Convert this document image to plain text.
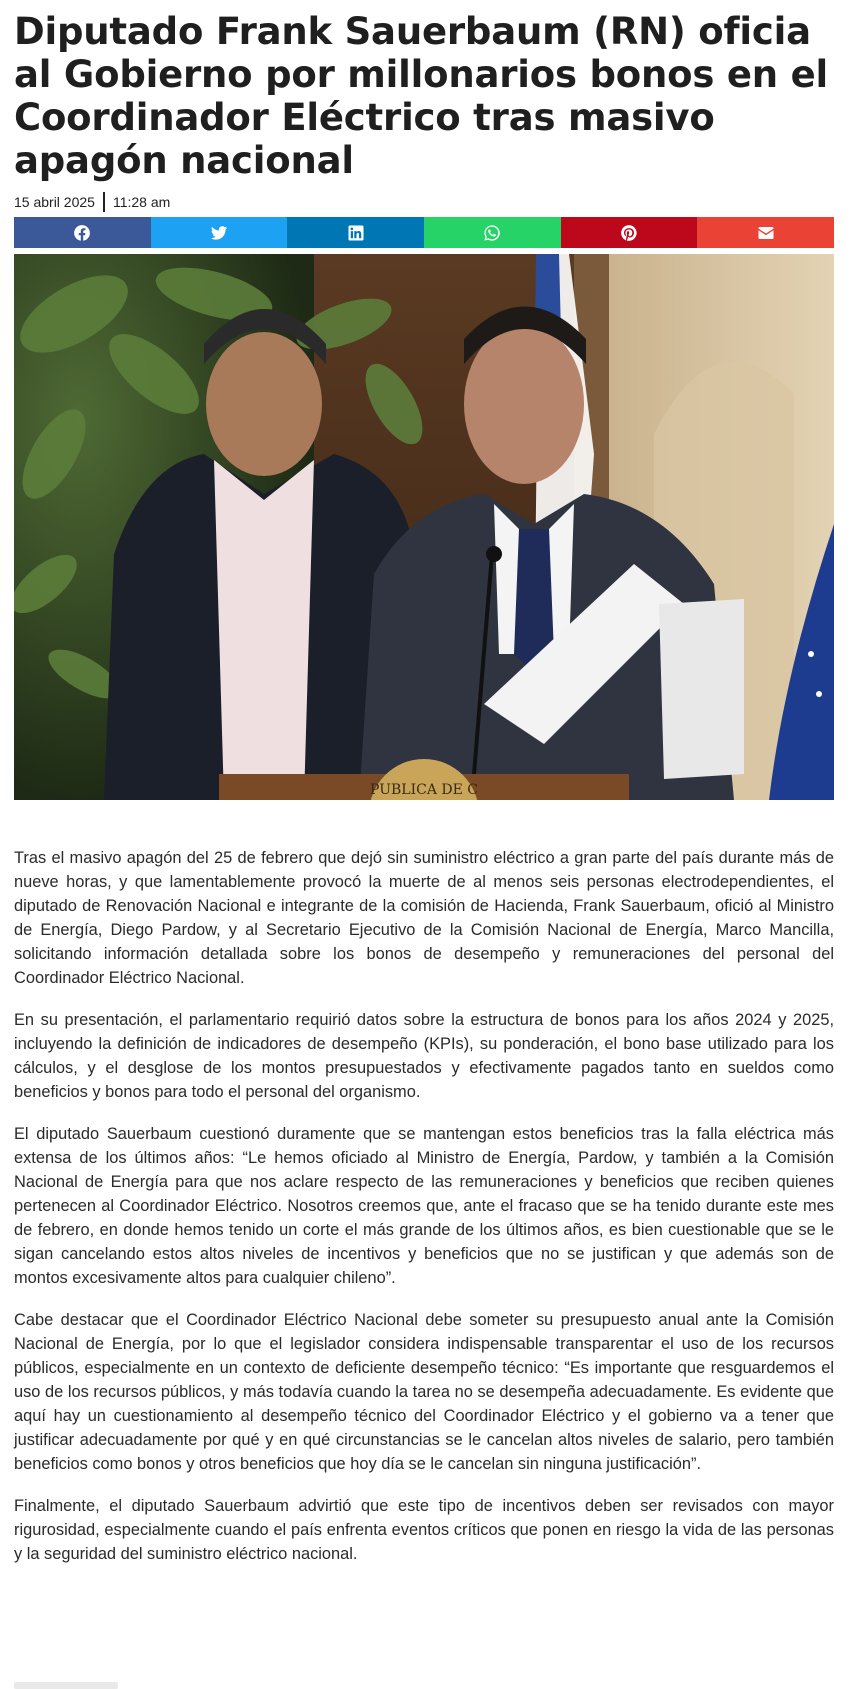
Diputado Frank Sauerbaum (RN) oficia al Gobierno por millonarios bonos en el Coordinador Eléctrico tras masivo apagón nacional
15 abril 2025 11:28 am
PUBLICA DE C

Tras el masivo apagón del 25 de febrero que dejó sin suministro eléctrico a gran parte del país durante más de nueve horas, y que lamentablemente provocó la muerte de al menos seis personas electrodependientes, el diputado de Renovación Nacional e integrante de la comisión de Hacienda, Frank Sauerbaum, ofició al Ministro de Energía, Diego Pardow, y al Secretario Ejecutivo de la Comisión Nacional de Energía, Marco Mancilla, solicitando información detallada sobre los bonos de desempeño y remuneraciones del personal del Coordinador Eléctrico Nacional.

En su presentación, el parlamentario requirió datos sobre la estructura de bonos para los años 2024 y 2025, incluyendo la definición de indicadores de desempeño (KPIs), su ponderación, el bono base utilizado para los cálculos, y el desglose de los montos presupuestados y efectivamente pagados tanto en sueldos como beneficios y bonos para todo el personal del organismo.

El diputado Sauerbaum cuestionó duramente que se mantengan estos beneficios tras la falla eléctrica más extensa de los últimos años: “Le hemos oficiado al Ministro de Energía, Pardow, y también a la Comisión Nacional de Energía para que nos aclare respecto de las remuneraciones y beneficios que reciben quienes pertenecen al Coordinador Eléctrico. Nosotros creemos que, ante el fracaso que se ha tenido durante este mes de febrero, en donde hemos tenido un corte el más grande de los últimos años, es bien cuestionable que se le sigan cancelando estos altos niveles de incentivos y beneficios que no se justifican y que además son de montos excesivamente altos para cualquier chileno”.

Cabe destacar que el Coordinador Eléctrico Nacional debe someter su presupuesto anual ante la Comisión Nacional de Energía, por lo que el legislador considera indispensable transparentar el uso de los recursos públicos, especialmente en un contexto de deficiente desempeño técnico: “Es importante que resguardemos el uso de los recursos públicos, y más todavía cuando la tarea no se desempeña adecuadamente. Es evidente que aquí hay un cuestionamiento al desempeño técnico del Coordinador Eléctrico y el gobierno va a tener que justificar adecuadamente por qué y en qué circunstancias se le cancelan altos niveles de salario, pero también beneficios como bonos y otros beneficios que hoy día se le cancelan sin ninguna justificación”.

Finalmente, el diputado Sauerbaum advirtió que este tipo de incentivos deben ser revisados con mayor rigurosidad, especialmente cuando el país enfrenta eventos críticos que ponen en riesgo la vida de las personas y la seguridad del suministro eléctrico nacional.
